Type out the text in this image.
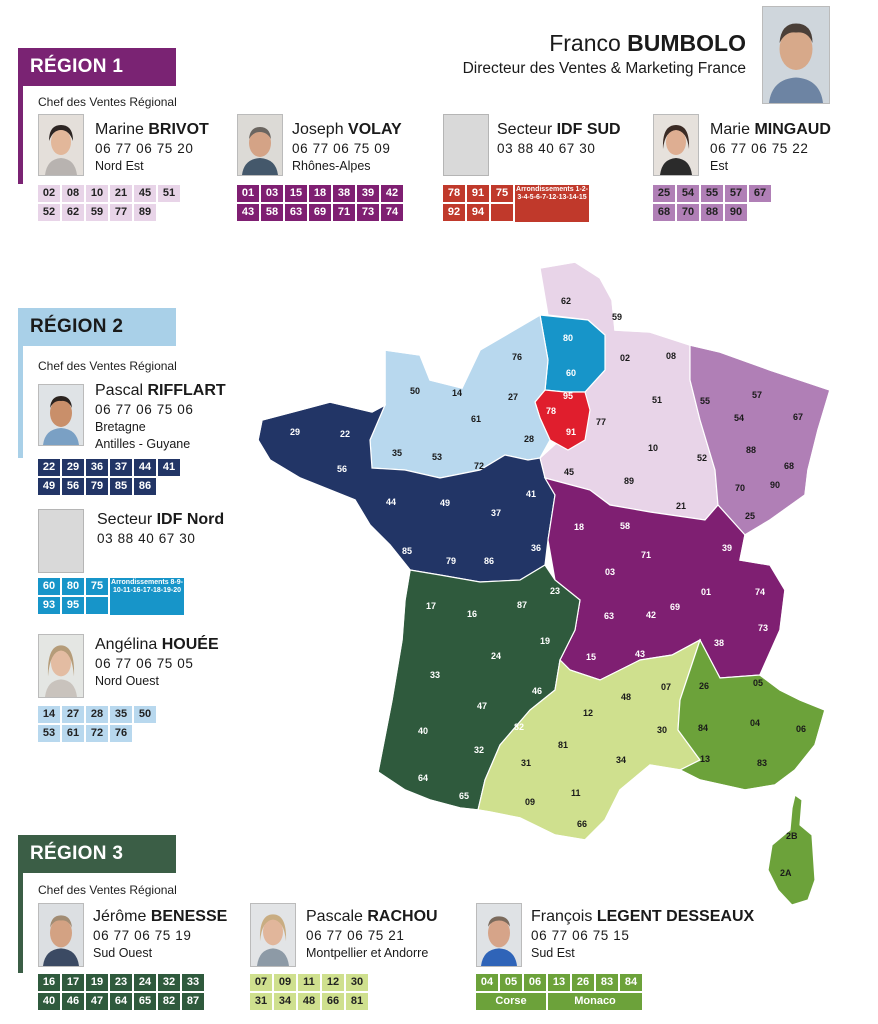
Franco BUMBOLO
Directeur des Ventes & Marketing France
RÉGION 1
Chef des Ventes Régional
Marine BRIVOT
06 77 06 75 20
Nord Est
02	08	10	21	45	51
52	62	59	77	89
Joseph VOLAY
06 77 06 75 09
Rhônes-Alpes
01	03	15	18	38	39	42
43	58	63	69	71	73	74
Secteur IDF SUD
03 88 40 67 30
78	91	75	Arrondissements 1-2-3-4-5-6-7-12-13-14-15
92	94
Marie MINGAUD
06 77 06 75 22
Est
25	54	55	57	67
68	70	88	90
RÉGION 2
Chef des Ventes Régional
Pascal RIFFLART
06 77 06 75 06
Bretagne
Antilles - Guyane
22	29	36	37	44	41
49	56	79	85	86
Secteur IDF Nord
03 88 40 67 30
60	80	75	Arrondissements 8-9-10-11-16-17-18-19-20
93	95
Angélina HOUÉE
06 77 06 75 05
Nord Ouest
14	27	28	35	50
53	61	72	76
RÉGION 3
Chef des Ventes Régional
Jérôme BENESSE
06 77 06 75 19
Sud Ouest
16	17	19	23	24	32	33
40	46	47	64	65	82	87
Pascale RACHOU
06 77 06 75 21
Montpellier et Andorre
07	09	11	12	30
31	34	48	66	81
François LEGENT DESSEAUX
06 77 06 75 15
Sud Est
04	05	06	13	26	83	84
Corse	Monaco
62
59
80
60
95
78
91
76
14
50
27
61
28
02	08
51
77
10
52
55
57
54	67
88
68
90
70
25
29	22
56
35	53
72
44	49
37
41
85
79	86
36
45
89
21
18	58
71
39
03
01	74
63	42
69
73
38
15	43
17
16
87
23
19
33
24
46
47
40	82
64
32
65
31
81
12
48
07
30
34
11
09
66
26	05
84	04
06
13	83
2B
2A
